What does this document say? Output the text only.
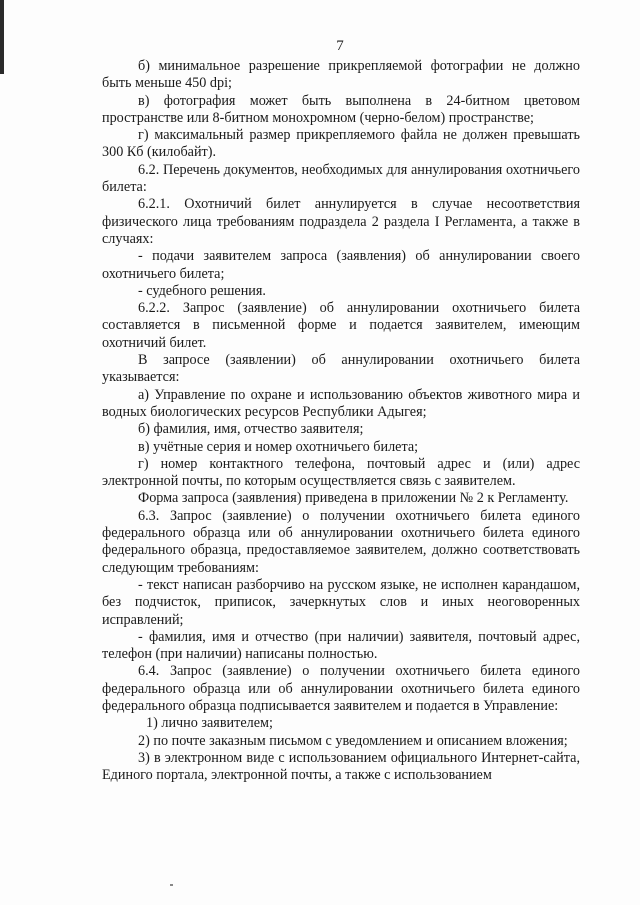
7

б) минимальное разрешение прикрепляемой фотографии не должно быть меньше 450 dpi;

в) фотография может быть выполнена в 24-битном цветовом пространстве или 8-битном монохромном (черно-белом) пространстве;

г) максимальный размер прикрепляемого файла не должен превышать 300 Кб (килобайт).

6.2. Перечень документов, необходимых для аннулирования охотничьего билета:

6.2.1. Охотничий билет аннулируется в случае несоответствия физического лица требованиям подраздела 2 раздела I Регламента, а также в случаях:

- подачи заявителем запроса (заявления) об аннулировании своего охотничьего билета;

- судебного решения.

6.2.2. Запрос (заявление) об аннулировании охотничьего билета составляется в письменной форме и подается заявителем, имеющим охотничий билет.

В запросе (заявлении) об аннулировании охотничьего билета указывается:

а) Управление по охране и использованию объектов животного мира и водных биологических ресурсов Республики Адыгея;

б) фамилия, имя, отчество заявителя;

в) учётные серия и номер охотничьего билета;

г) номер контактного телефона, почтовый адрес и (или) адрес электронной почты, по которым осуществляется связь с заявителем.

Форма запроса (заявления) приведена в приложении № 2 к Регламенту.

6.3. Запрос (заявление) о получении охотничьего билета единого федерального образца или об аннулировании охотничьего билета единого федерального образца, предоставляемое заявителем, должно соответствовать следующим требованиям:

- текст написан разборчиво на русском языке, не исполнен карандашом, без подчисток, приписок, зачеркнутых слов и иных неоговоренных исправлений;

- фамилия, имя и отчество (при наличии) заявителя, почтовый адрес, телефон (при наличии) написаны полностью.

6.4. Запрос (заявление) о получении охотничьего билета единого федерального образца или об аннулировании охотничьего билета единого федерального образца подписывается заявителем и подается в Управление:

1) лично заявителем;

2) по почте заказным письмом с уведомлением и описанием вложения;

3) в электронном виде с использованием официального Интернет-сайта, Единого портала, электронной почты, а также с использованием
